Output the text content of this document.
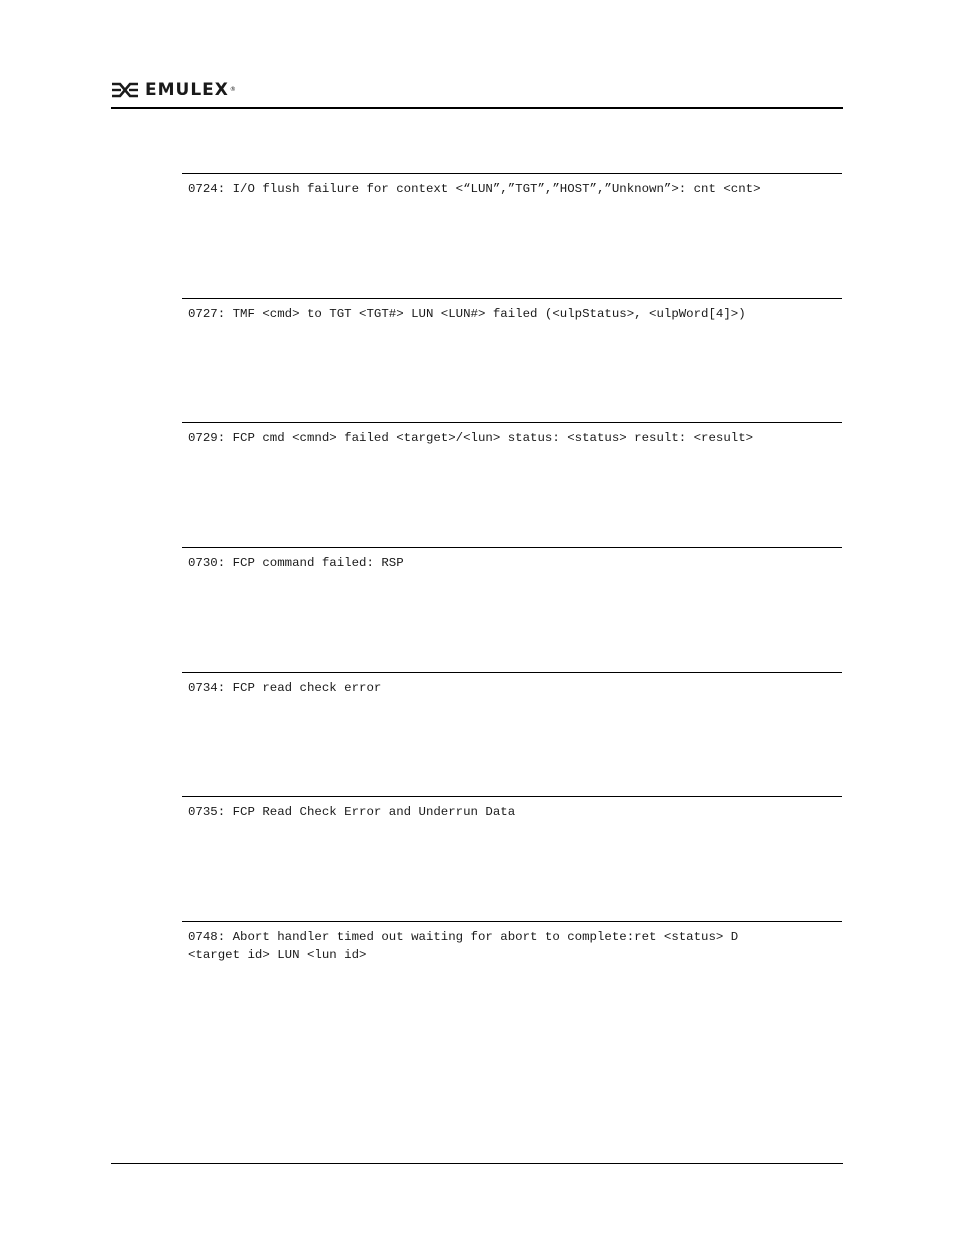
EMULEX ®
0724: I/O flush failure for context <“LUN”,”TGT”,”HOST”,”Unknown”>: cnt <cnt>
0727: TMF <cmd> to TGT <TGT#> LUN <LUN#> failed (<ulpStatus>, <ulpWord[4]>)
0729: FCP cmd <cmnd> failed <target>/<lun> status: <status> result: <result>
0730: FCP command failed: RSP
0734: FCP read check error
0735: FCP Read Check Error and Underrun Data
0748: Abort handler timed out waiting for abort to complete:ret <status> D
<target id> LUN <lun id>
